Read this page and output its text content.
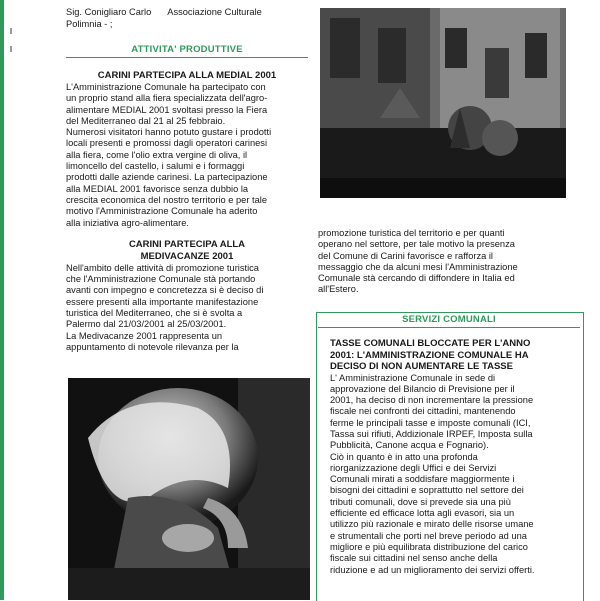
Sig. Conigliaro Carlo Associazione Culturale

Polimnia - ;

ATTIVITA' PRODUTTIVE

CARINI PARTECIPA ALLA MEDIAL 2001

L'Amministrazione Comunale ha partecipato con

un proprio stand alla fiera specializzata dell'agro-

alimentare MEDIAL 2001 svoltasi presso la Fiera

del Mediterraneo dal 21 al 25 febbraio.

Numerosi visitatori hanno potuto gustare i prodotti

locali presenti e promossi dagli operatori carinesi

alla fiera, come l'olio extra vergine di oliva, il

limoncello del castello, i salumi e i formaggi

prodotti dalle aziende carinesi. La partecipazione

alla MEDIAL 2001 favorisce senza dubbio la

crescita economica del nostro territorio e per tale

motivo l'Amministrazione Comunale ha aderito

alla iniziativa agro-alimentare.

CARINI PARTECIPA ALLA

MEDIVACANZE 2001

Nell'ambito delle attività di promozione turistica

che l'Amministrazione Comunale stà portando

avanti con impegno e concretezza si è deciso di

essere presenti alla importante manifestazione

turistica del Mediterraneo, che si è svolta a

Palermo dal 21/03/2001 al 25/03/2001.

La Medivacanze 2001 rappresenta un

appuntamento di notevole rilevanza per la

promozione turistica del territorio e per quanti

operano nel settore, per tale motivo la presenza

del Comune di Carini favorisce e rafforza il

messaggio che da alcuni mesi l'Amministrazione

Comunale stà cercando di diffondere in Italia ed

all'Estero.

SERVIZI COMUNALI

TASSE COMUNALI BLOCCATE PER L'ANNO

2001: L'AMMINISTRAZIONE COMUNALE HA

DECISO DI NON AUMENTARE LE TASSE

L' Amministrazione Comunale in sede di

approvazione del Bilancio di Previsione per il

2001, ha deciso di non incrementare la pressione

fiscale nei confronti dei cittadini, mantenendo

ferme le principali tasse e imposte comunali (ICI,

Tassa sui rifiuti, Addizionale IRPEF, Imposta sulla

Pubblicità, Canone acqua e Fognario).

Ciò in quanto è in atto una profonda

riorganizzazione degli Uffici e dei Servizi

Comunali mirati a soddisfare maggiormente i

bisogni dei cittadini e soprattutto nel settore dei

tributi comunali, dove si prevede sia una più

efficiente ed efficace lotta agli evasori, sia un

utilizzo più razionale e mirato delle risorse umane

e strumentali che porti nel breve periodo ad una

migliore e più equilibrata distribuzione del carico

fiscale sui cittadini nel senso anche della

riduzione e ad un miglioramento dei servizi offerti.
